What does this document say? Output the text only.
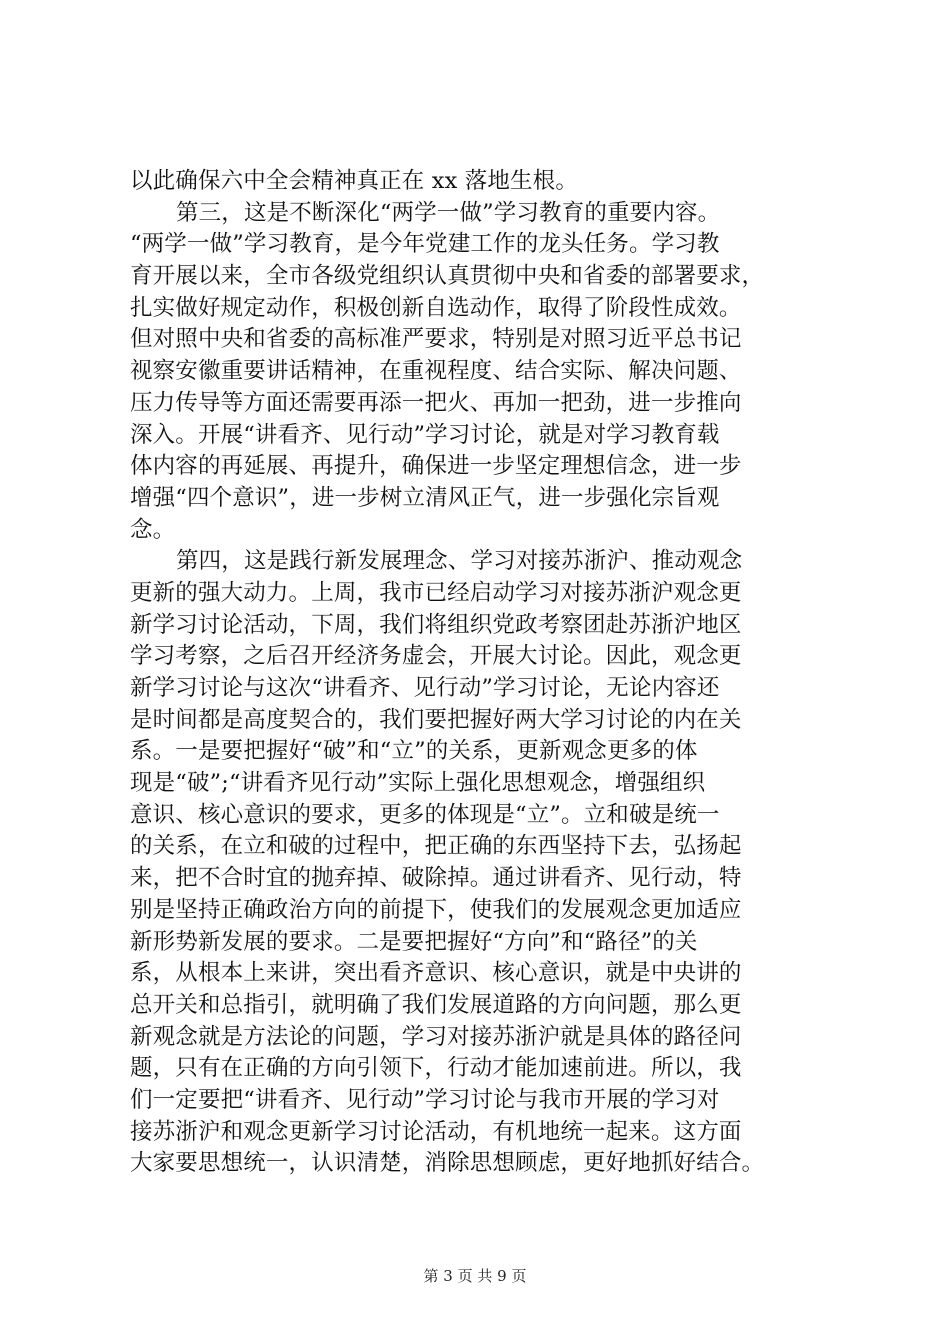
以此确保六中全会精神真正在 xx 落地生根。
第三，这是不断深化“两学一做”学习教育的重要内容。
“两学一做”学习教育，是今年党建工作的龙头任务。学习教
育开展以来，全市各级党组织认真贯彻中央和省委的部署要求，
扎实做好规定动作，积极创新自选动作，取得了阶段性成效。
但对照中央和省委的高标准严要求，特别是对照习近平总书记
视察安徽重要讲话精神，在重视程度、结合实际、解决问题、
压力传导等方面还需要再添一把火、再加一把劲，进一步推向
深入。开展“讲看齐、见行动”学习讨论，就是对学习教育载
体内容的再延展、再提升，确保进一步坚定理想信念，进一步
增强“四个意识”，进一步树立清风正气，进一步强化宗旨观
念。
第四，这是践行新发展理念、学习对接苏浙沪、推动观念
更新的强大动力。上周，我市已经启动学习对接苏浙沪观念更
新学习讨论活动，下周，我们将组织党政考察团赴苏浙沪地区
学习考察，之后召开经济务虚会，开展大讨论。因此，观念更
新学习讨论与这次“讲看齐、见行动”学习讨论，无论内容还
是时间都是高度契合的，我们要把握好两大学习讨论的内在关
系。一是要把握好“破”和“立”的关系，更新观念更多的体
现是“破”;“讲看齐见行动”实际上强化思想观念，增强组织
意识、核心意识的要求，更多的体现是“立”。立和破是统一
的关系，在立和破的过程中，把正确的东西坚持下去，弘扬起
来，把不合时宜的抛弃掉、破除掉。通过讲看齐、见行动，特
别是坚持正确政治方向的前提下，使我们的发展观念更加适应
新形势新发展的要求。二是要把握好“方向”和“路径”的关
系，从根本上来讲，突出看齐意识、核心意识，就是中央讲的
总开关和总指引，就明确了我们发展道路的方向问题，那么更
新观念就是方法论的问题，学习对接苏浙沪就是具体的路径问
题，只有在正确的方向引领下，行动才能加速前进。所以，我
们一定要把“讲看齐、见行动”学习讨论与我市开展的学习对
接苏浙沪和观念更新学习讨论活动，有机地统一起来。这方面
大家要思想统一，认识清楚，消除思想顾虑，更好地抓好结合。
第 3 页 共 9 页
